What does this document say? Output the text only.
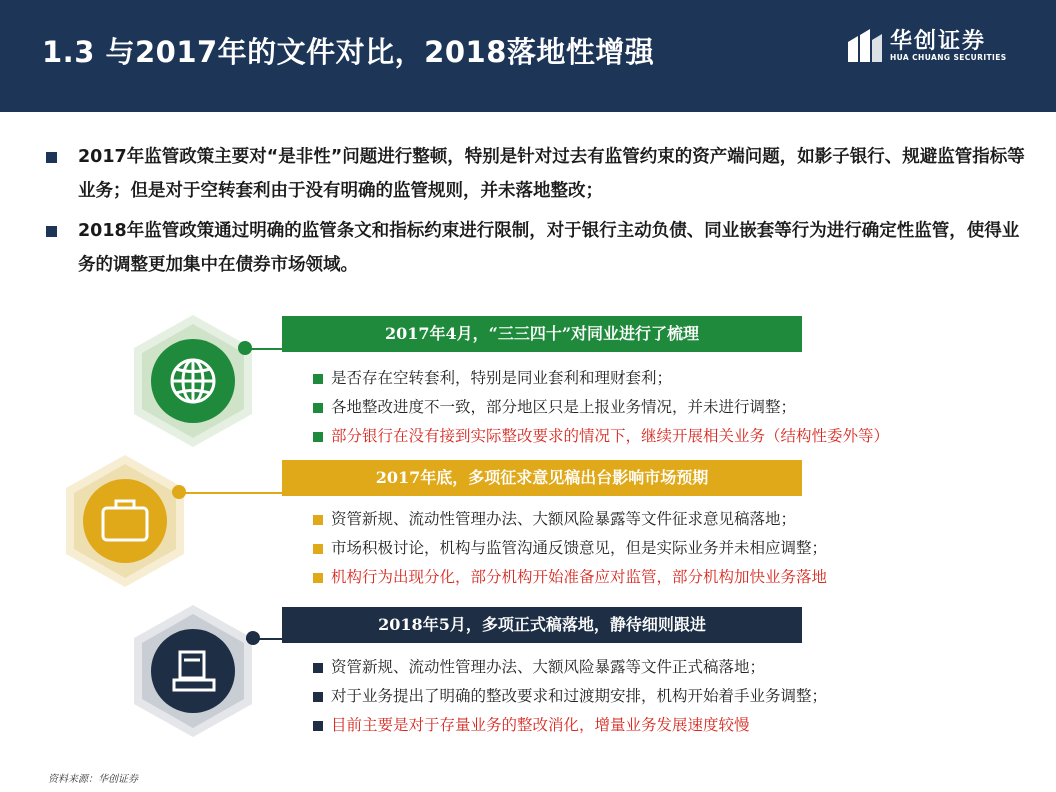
1.3 与2017年的文件对比，2018落地性增强	华创证券
HUA CHUANG SECURITIES
2017年监管政策主要对“是非性”问题进行整顿，特别是针对过去有监管约束的资产端问题，如影子银行、规避监管指标等业务；但是对于空转套利由于没有明确的监管规则，并未落地整改；
2018年监管政策通过明确的监管条文和指标约束进行限制，对于银行主动负债、同业嵌套等行为进行确定性监管，使得业务的调整更加集中在债券市场领域。
2017年4月，“三三四十”对同业进行了梳理
是否存在空转套利，特别是同业套利和理财套利；
各地整改进度不一致，部分地区只是上报业务情况，并未进行调整；
部分银行在没有接到实际整改要求的情况下，继续开展相关业务（结构性委外等）
2017年底，多项征求意见稿出台影响市场预期
资管新规、流动性管理办法、大额风险暴露等文件征求意见稿落地；
市场积极讨论，机构与监管沟通反馈意见，但是实际业务并未相应调整；
机构行为出现分化，部分机构开始准备应对监管，部分机构加快业务落地
2018年5月，多项正式稿落地，静待细则跟进
资管新规、流动性管理办法、大额风险暴露等文件正式稿落地；
对于业务提出了明确的整改要求和过渡期安排，机构开始着手业务调整；
目前主要是对于存量业务的整改消化，增量业务发展速度较慢
资料来源：华创证券
